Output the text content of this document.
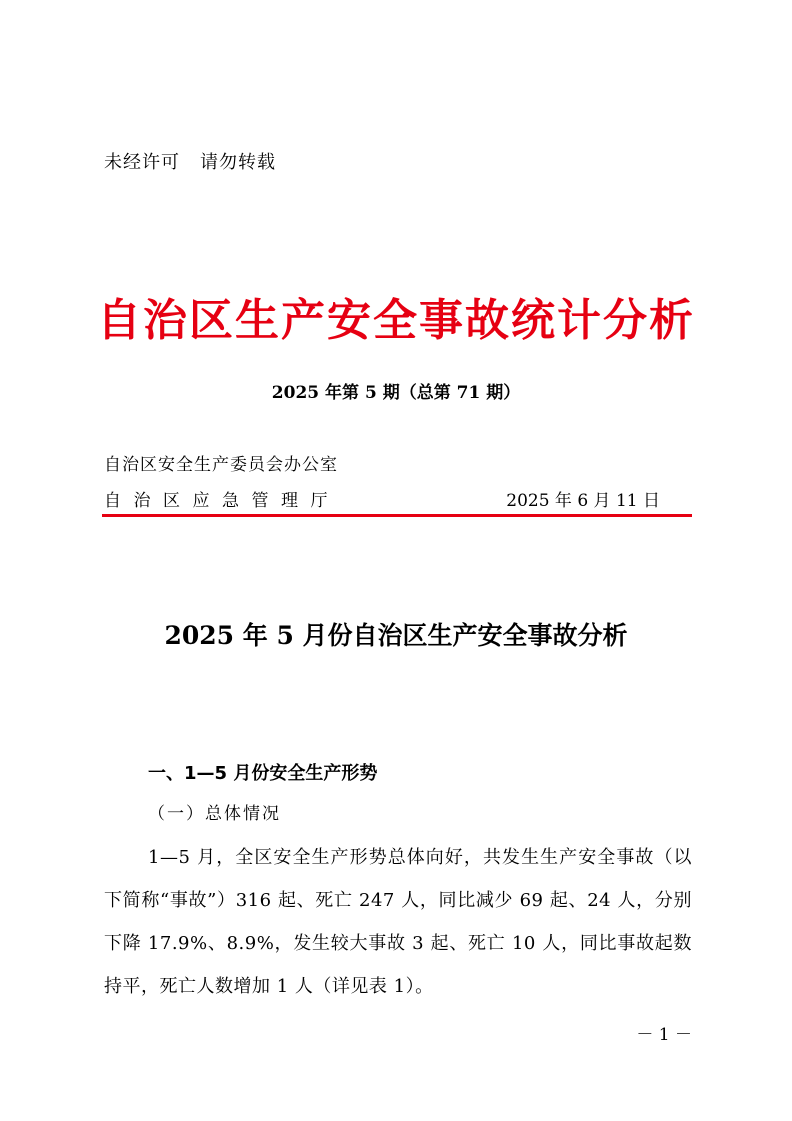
未经许可 请勿转载
自治区生产安全事故统计分析
2025 年第 5 期（总第 71 期）
自治区安全生产委员会办公室
自治区应急管理厅	2025 年 6 月 11 日
2025 年 5 月份自治区生产安全事故分析
一、1—5 月份安全生产形势
（一）总体情况
1—5 月，全区安全生产形势总体向好，共发生生产安全事故（以下简称“事故”）316 起、死亡 247 人，同比减少 69 起、24 人，分别下降 17.9%、8.9%，发生较大事故 3 起、死亡 10 人，同比事故起数持平，死亡人数增加 1 人（详见表 1）。
－ 1 －
